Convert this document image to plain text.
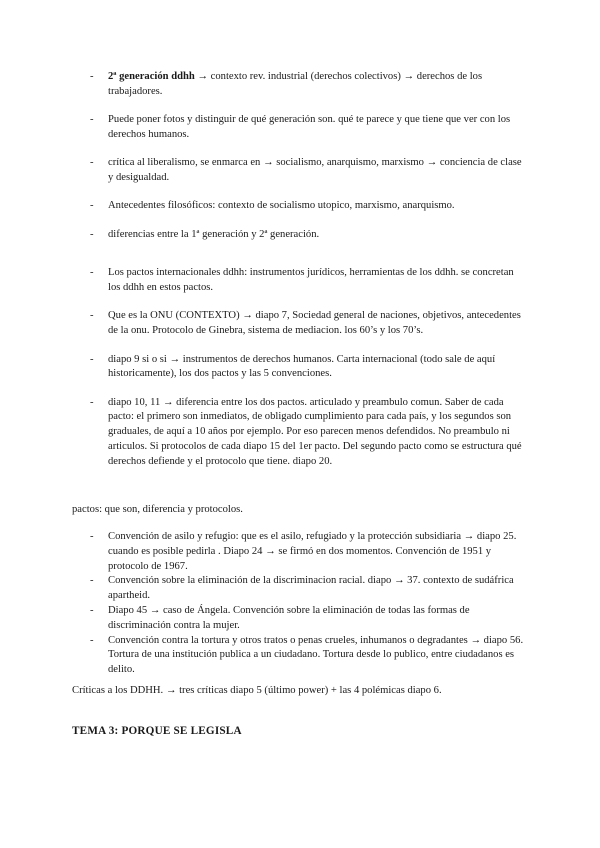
- 2ª generación ddhh → contexto rev. industrial (derechos colectivos) → derechos de los trabajadores.
- Puede poner fotos y distinguir de qué generación son. qué te parece y que tiene que ver con los derechos humanos.
- crítica al liberalismo, se enmarca en → socialismo, anarquismo, marxismo → conciencia de clase y desigualdad.
- Antecedentes filosóficos: contexto de socialismo utopico, marxismo, anarquismo.
- diferencias entre la 1ª generación y 2ª generación.
- Los pactos internacionales ddhh: instrumentos jurídicos, herramientas de los ddhh. se concretan los ddhh en estos pactos.
- Que es la ONU (CONTEXTO) → diapo 7, Sociedad general de naciones, objetivos, antecedentes de la onu. Protocolo de Ginebra, sistema de mediacion. los 60’s y los 70’s.
- diapo 9 si o si → instrumentos de derechos humanos. Carta internacional (todo sale de aquí historicamente), los dos pactos y las 5 convenciones.
- diapo 10, 11 → diferencia entre los dos pactos. articulado y preambulo comun. Saber de cada pacto: el primero son inmediatos, de obligado cumplimiento para cada país, y los segundos son graduales, de aquí a 10 años por ejemplo. Por eso parecen menos defendidos. No preambulo ni articulos. Si protocolos de cada diapo 15 del 1er pacto. Del segundo pacto como se estructura qué derechos defiende y el protocolo que tiene. diapo 20.

pactos: que son, diferencia y protocolos.

- Convención de asilo y refugio: que es el asilo, refugiado y la protección subsidiaria → diapo 25. cuando es posible pedirla . Diapo 24 → se firmó en dos momentos. Convención de 1951 y protocolo de 1967.
- Convención sobre la eliminación de la discriminacion racial. diapo → 37. contexto de sudáfrica apartheid.
- Diapo 45 → caso de Ángela. Convención sobre la eliminación de todas las formas de discriminación contra la mujer.
- Convención contra la tortura y otros tratos o penas crueles, inhumanos o degradantes → diapo 56. Tortura de una institución publica a un ciudadano. Tortura desde lo publico, entre ciudadanos es delito.

Críticas a los DDHH. → tres críticas diapo 5 (último power) + las 4 polémicas diapo 6.

TEMA 3: PORQUE SE LEGISLA
